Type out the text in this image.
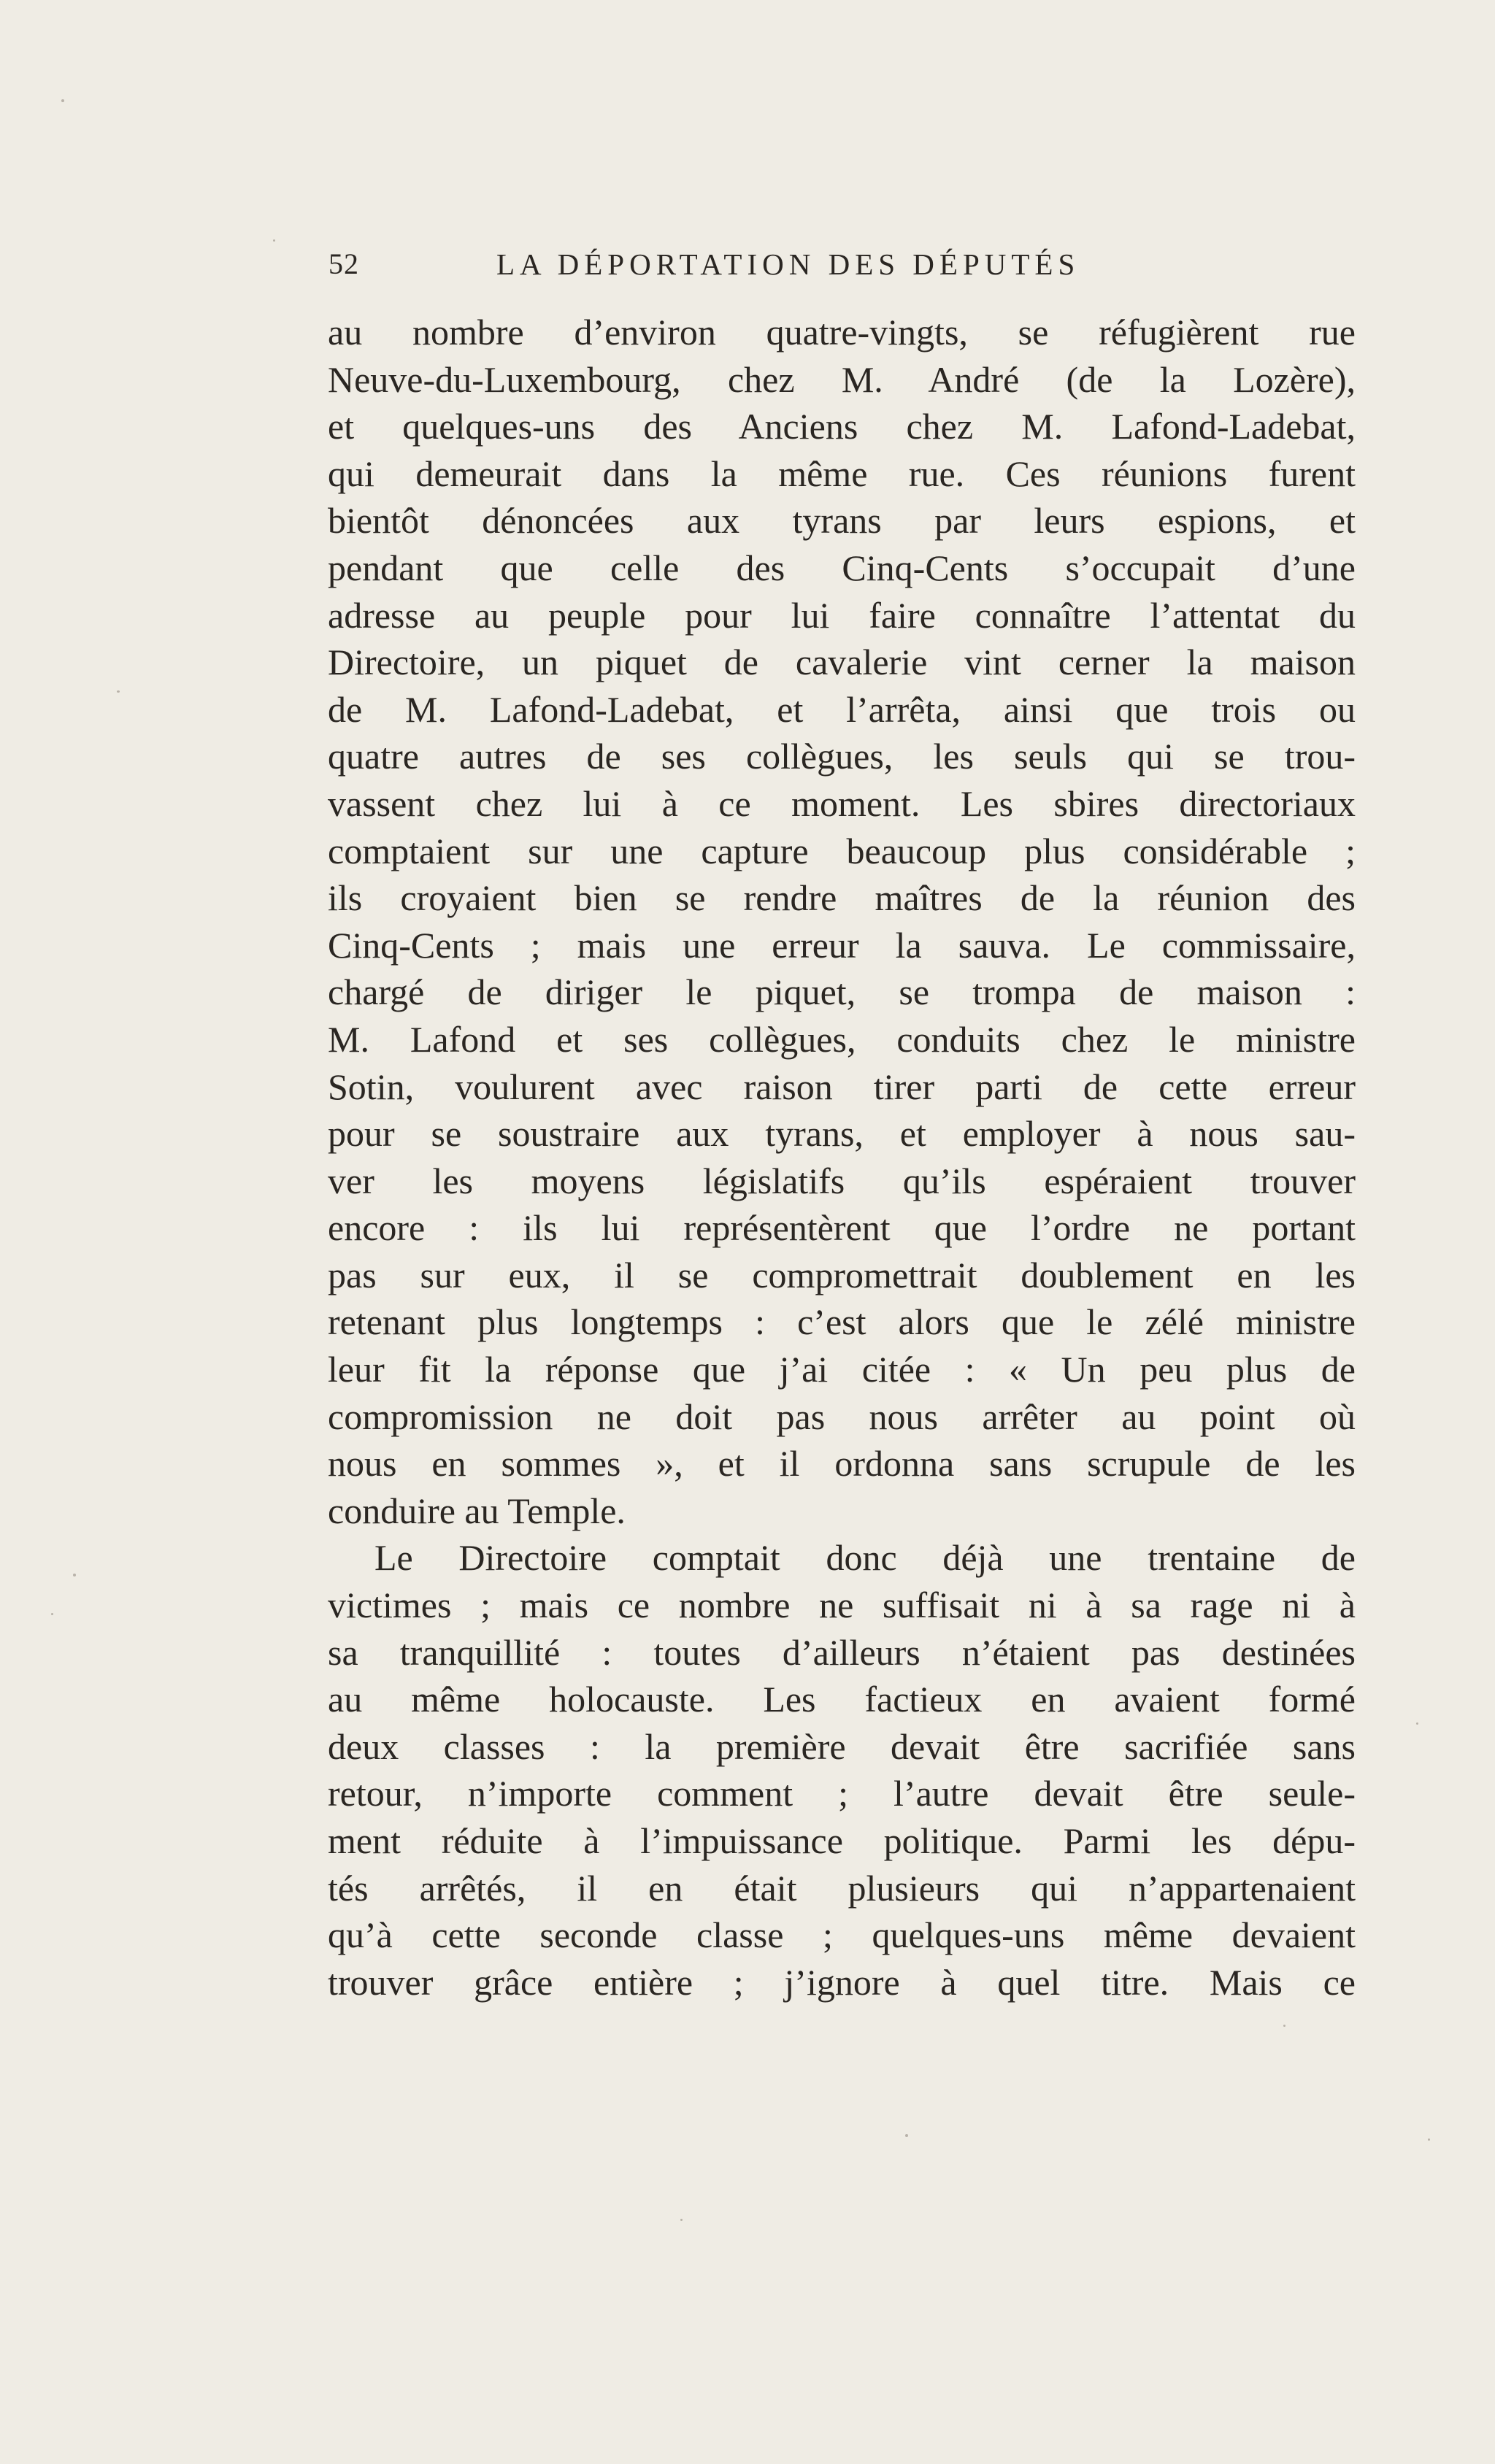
52	LA DÉPORTATION DES DÉPUTÉS
au nombre d’environ quatre-vingts, se réfugièrent rue
Neuve-du-Luxembourg, chez M. André (de la Lozère),
et quelques-uns des Anciens chez M. Lafond-Ladebat,
qui demeurait dans la même rue. Ces réunions furent
bientôt dénoncées aux tyrans par leurs espions, et
pendant que celle des Cinq-Cents s’occupait d’une
adresse au peuple pour lui faire connaître l’attentat du
Directoire, un piquet de cavalerie vint cerner la maison
de M. Lafond-Ladebat, et l’arrêta, ainsi que trois ou
quatre autres de ses collègues, les seuls qui se trou-
vassent chez lui à ce moment. Les sbires directoriaux
comptaient sur une capture beaucoup plus considérable ;
ils croyaient bien se rendre maîtres de la réunion des
Cinq-Cents ; mais une erreur la sauva. Le commissaire,
chargé de diriger le piquet, se trompa de maison :
M. Lafond et ses collègues, conduits chez le ministre
Sotin, voulurent avec raison tirer parti de cette erreur
pour se soustraire aux tyrans, et employer à nous sau-
ver les moyens législatifs qu’ils espéraient trouver
encore : ils lui représentèrent que l’ordre ne portant
pas sur eux, il se compromettrait doublement en les
retenant plus longtemps : c’est alors que le zélé ministre
leur fit la réponse que j’ai citée : « Un peu plus de
compromission ne doit pas nous arrêter au point où
nous en sommes », et il ordonna sans scrupule de les
conduire au Temple.
Le Directoire comptait donc déjà une trentaine de
victimes ; mais ce nombre ne suffisait ni à sa rage ni à
sa tranquillité : toutes d’ailleurs n’étaient pas destinées
au même holocauste. Les factieux en avaient formé
deux classes : la première devait être sacrifiée sans
retour, n’importe comment ; l’autre devait être seule-
ment réduite à l’impuissance politique. Parmi les dépu-
tés arrêtés, il en était plusieurs qui n’appartenaient
qu’à cette seconde classe ; quelques-uns même devaient
trouver grâce entière ; j’ignore à quel titre. Mais ce
